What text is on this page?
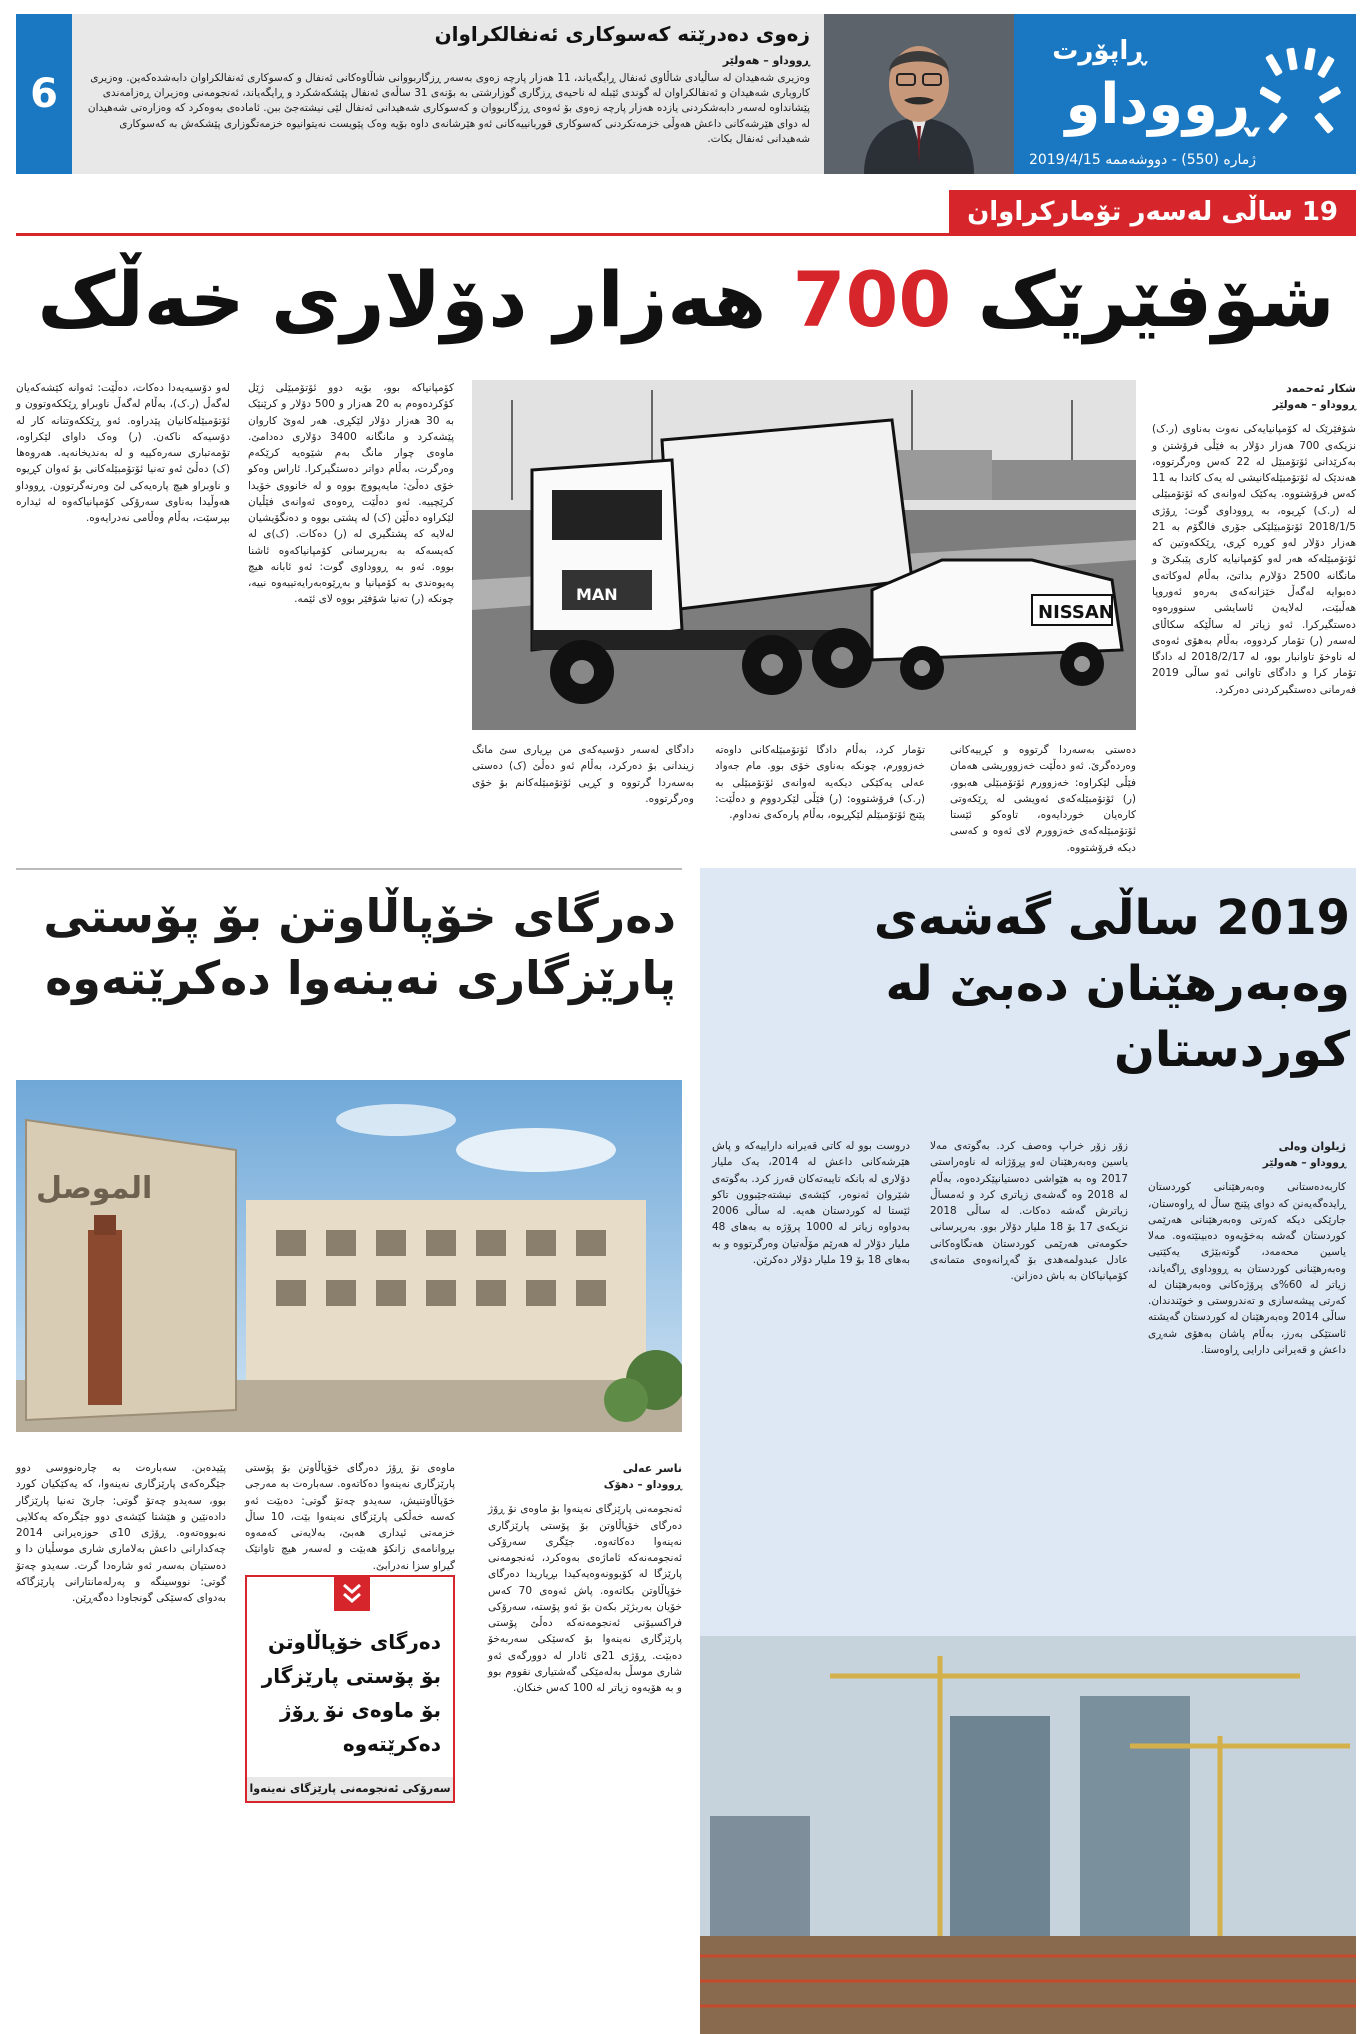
6
زەوی دەدرێتە کەسوکاری ئەنفالکراوان
ڕووداو – هەولێر
وەزیری شەهیدان لە ساڵیادی شاڵاوی ئەنفال ڕایگەیاند، 11 هەزار پارچە زەوی بەسەر ڕزگاربووانی شاڵاوەکانی ئەنفال و کەسوکاری ئەنفالکراوان دابەشدەکەین. وەزیری کاروباری شەهیدان و ئەنفالکراوان لە گوندی ئێبلە لە ناحیەی ڕزگاری گوزارشتی بە بۆنەی 31 ساڵەی ئەنفال پێشکەشکرد و ڕایگەیاند، ئەنجومەنی وەزیران ڕەزامەندی پێشانداوە لەسەر دابەشکردنی یازدە هەزار پارچە زەوی بۆ ئەوەی ڕزگاربووان و کەسوکاری شەهیدانی ئەنفال لێی نیشتەجێ ببن. ئامادەی بەوەکرد کە وەزارەتی شەهیدان لە دوای هێرشەکانی داعش هەوڵی خزمەتکردنی کەسوکاری قوربانییەکانی ئەو هێرشانەی داوە بۆیە وەک پێویست نەیتوانیوە خزمەتگوزاری پێشکەش بە کەسوکاری شەهیدانی ئەنفال بکات.
ڕاپۆرت
ڕووداو
ژمارە (550) - دووشەممە 2019/4/15
19 ساڵی لەسەر تۆمارکراوان
شۆفێرێک 700 هەزار دۆلاری خەڵک
شکار ئەحمەد
ڕووداو – هەولێر
شۆفێرێک لە کۆمپانیایەکی نەوت بەناوی (ر.ک) نزیکەی 700 هەزار دۆلار بە فێڵی فرۆشتن و بەکرێدانی ئۆتۆمبێل لە 22 کەس وەرگرتووە، هەندێک لە ئۆتۆمبێلەکانیشی لە یەک کاتدا بە 11 کەس فرۆشتووە. یەکێک لەوانەی کە ئۆتۆمبێلی لە (ر.ک) کڕیوە، بە ڕووداوی گوت: ڕۆژی 2018/1/5 ئۆتۆمبێلێکی جۆری فالگۆم بە 21 هەزار دۆلار لەو کوڕە کڕی، ڕێککەوتین کە ئۆتۆمبێلەکە هەر لەو کۆمپانیایە کاری پێبکرێ و مانگانە 2500 دۆلارم بداتێ، بەڵام لەوکاتەی دەبوایە لەگەڵ خێزانەکەی بەرەو ئەوروپا هەڵبێت، لەلایەن ئاسایشی سنوورەوە دەستگیرکرا. ئەو زیاتر لە ساڵێکە سکاڵای لەسەر (ر) تۆمار کردووە، بەڵام بەهۆی ئەوەی لە ناوخۆ تاوانبار بوو، لە 2018/2/17 لە دادگا تۆمار کرا و دادگای تاوانی ئەو ساڵی 2019 فەرمانی دەستگیرکردنی دەرکرد.
MAN
NISSAN
دەستی بەسەردا گرتووە و کڕییەکانی وەردەگرێ. ئەو دەڵێت خەزووریشی هەمان فێڵی لێکراوە: خەزوورم ئۆتۆمبێلی هەبوو، (ر) ئۆتۆمبێلەکەی ئەویشی لە ڕێکەوتی کارەیان خوردایەوە، تاوەکو ئێستا ئۆتۆمبێلەکەی خەزوورم لای ئەوە و کەسی دیکە فرۆشتووە.
تۆمار کرد، بەڵام دادگا ئۆتۆمبێلەکانی داوەتە خەزوورم، چونکە بەناوی خۆی بوو. مام جەواد عەلی یەکێکی دیکەیە لەوانەی ئۆتۆمبێلی بە (ر.ک) فرۆشتووە: (ر) فێڵی لێکردووم و دەڵێت: پێنج ئۆتۆمبێلم لێکڕیوە، بەڵام پارەکەی نەداوم.
دادگای لەسەر دۆسیەکەی من بڕیاری سێ مانگ زیندانی بۆ دەرکرد، بەڵام ئەو دەڵێ (ک) دەستی بەسەردا گرتووە و کڕیی ئۆتۆمبێلەکانم بۆ خۆی وەرگرتووە.
کۆمپانیاکە بوو، بۆیە دوو ئۆتۆمبێلی ژێل کۆکردەوەم بە 20 هەزار و 500 دۆلار و کرێنێک بە 30 هەزار دۆلار لێکڕی. هەر لەوێ کاروان پێشەکرد و مانگانە 3400 دۆلاری دەدامێ. ماوەی چوار مانگ بەم شێوەیە کرێکەم وەرگرت، بەڵام دواتر دەستگیرکرا. ئاراس وەکو خۆی دەڵێ: مایەپووچ بووە و لە خانووی خۆیدا کرێچییە. ئەو دەڵێت ڕەوەی ئەوانەی فێڵیان لێکراوە دەڵێن (ک) لە پشتی بووە و دەنگۆیشیان لەلایە کە پشتگیری لە (ر) دەکات. (ک)ی لە کەیسەکە بە بەرپرسانی کۆمپانیاکەوە ئاشنا بووە. ئەو بە ڕووداوی گوت: ئەو ئابانە هیچ پەیوەندی بە کۆمپانیا و بەڕێوەبەرایەتییەوە نییە، چونکە (ر) تەنیا شۆفێر بووە لای ئێمە.
لەو دۆسیەیەدا دەکات، دەڵێت: ئەوانە کێشەکەیان لەگەڵ (ر.ک)، بەڵام لەگەڵ ناوبراو ڕێککەوتوون و ئۆتۆمبێلەکانیان پێدراوە. ئەو ڕێککەوتنانە کار لە دۆسیەکە ناکەن. (ر) وەک داوای لێکراوە، تۆمەتباری سەرەکییە و لە بەندیخانەیە. هەروەها (ک) دەڵێ ئەو تەنیا ئۆتۆمبێلەکانی بۆ ئەوان کڕیوە و ناوبراو هیچ پارەیەکی لێ وەرنەگرتوون. ڕووداو هەوڵیدا بەناوی سەرۆکی کۆمپانیاکەوە لە ئیدارە بپرسێت، بەڵام وەڵامی نەدرایەوە.
دەرگای خۆپاڵاوتن بۆ پۆستی پارێزگاری نەینەوا دەکرێتەوە
الموصل
ناسر عەلی
ڕووداو – دهۆک
ئەنجومەنی پارێزگای نەینەوا بۆ ماوەی نۆ ڕۆژ دەرگای خۆپاڵاوتن بۆ پۆستی پارێزگاری نەینەوا دەکاتەوە. جێگری سەرۆکی ئەنجومەنەکە ئاماژەی بەوەکرد، ئەنجومەنی پارێزگا لە کۆبوونەوەیەکیدا بڕیاریدا دەرگای خۆپاڵاوتن بکاتەوە. پاش ئەوەی 70 کەس خۆیان بەربژێر بکەن بۆ ئەو پۆستە، سەرۆکی فراکسیۆنی ئەنجومەنەکە دەڵێ پۆستی پارێزگاری نەینەوا بۆ کەسێکی سەربەخۆ دەبێت. ڕۆژی 21ی ئادار لە دوورگەی ئەو شاری موسڵ بەلەمێکی گەشتیاری نقووم بوو و بە هۆیەوە زیاتر لە 100 کەس خنکان.
ماوەی نۆ ڕۆژ دەرگای خۆپاڵاوتن بۆ پۆستی پارێزگاری نەینەوا دەکاتەوە. سەبارەت بە مەرجی خۆپاڵاوتنیش، سەیدو چەتۆ گوتی: دەبێت ئەو کەسە خەڵکی پارێزگای نەینەوا بێت، 10 ساڵ خزمەتی ئیداری هەبێ، بەلایەنی کەمەوە بڕوانامەی زانکۆ هەبێت و لەسەر هیچ تاوانێک گیراو سزا نەدرابێ.
دەرگای خۆپاڵاوتن بۆ پۆستی پارێزگار بۆ ماوەی نۆ ڕۆژ دەکرێتەوە
سەرۆکی ئەنجومەنی پارێزگای نەینەوا
پێیدەبن. سەبارەت بە چارەنووسی دوو جێگرەکەی پارێزگاری نەینەوا، کە یەکێکیان کورد بوو، سەیدو چەتۆ گوتی: جارێ تەنیا پارێزگار دادەنێین و هێشتا کێشەی دوو جێگرەکە یەکلایی نەبووەتەوە. ڕۆژی 10ی حوزەیرانی 2014 چەکدارانی داعش بەلاماری شاری موسڵیان دا و دەستیان بەسەر ئەو شارەدا گرت. سەیدو چەتۆ گوتی: نووسینگە و پەرلەمانتارانی پارێزگاکە بەدوای کەسێکی گونجاودا دەگەڕێن.
2019 ساڵی گەشەی وەبەرهێنان دەبێ لە کوردستان
ژیلوان وەلی
ڕووداو – هەولێر
کاربەدەستانی وەبەرهێنانی کوردستان ڕایدەگەیەنن کە دوای پێنج ساڵ لە ڕاوەستان، جارێکی دیکە کەرتی وەبەرهێنانی هەرێمی کوردستان گەشە بەخۆیەوە دەبینێتەوە. مەلا یاسین محەمەد، گوتەبێژی یەکێتیی وەبەرهێنانی کوردستان بە ڕووداوی ڕاگەیاند، زیاتر لە 60%ی پرۆژەکانی وەبەرهێنان لە کەرتی پیشەسازی و تەندروستی و خوێندندان. ساڵی 2014 وەبەرهێنان لە کوردستان گەیشتە ئاستێکی بەرز، بەڵام پاشان بەهۆی شەڕی داعش و قەیرانی دارایی ڕاوەستا.
زۆر زۆر خراپ وەصف کرد. بەگوتەی مەلا یاسین وەبەرهێنان لەو پڕۆژانە لە ناوەراستی 2017 وە بە هێواشی دەستیانپێکردەوە، بەڵام لە 2018 وە گەشەی زیاتری کرد و ئەمساڵ زیاترش گەشە دەکات. لە ساڵی 2018 نزیکەی 17 بۆ 18 ملیار دۆلار بوو. بەرپرسانی حکومەتی هەرێمی کوردستان هەنگاوەکانی عادل عبدولمەهدی بۆ گەڕانەوەی متمانەی کۆمپانیاکان بە باش دەزانن.
دروست بوو لە کاتی قەیرانە داراییەکە و پاش هێرشەکانی داعش لە 2014، یەک ملیار دۆلاری لە بانکە تایبەتەکان قەرز کرد. بەگوتەی شێروان ئەنوەر، کێشەی نیشتەجێبوون تاکو ئێستا لە کوردستان هەیە. لە ساڵی 2006 بەدواوە زیاتر لە 1000 پرۆژە بە بەهای 48 ملیار دۆلار لە هەرێم مۆڵەتیان وەرگرتووە و بە بەهای 18 بۆ 19 ملیار دۆلار دەکرێن.
